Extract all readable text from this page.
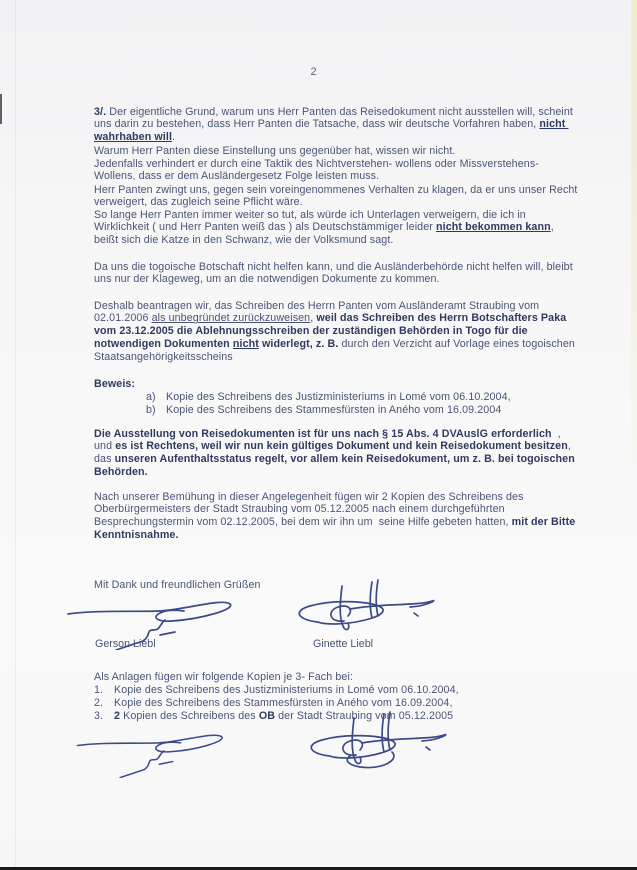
2

3/. Der eigentliche Grund, warum uns Herr Panten das Reisedokument nicht ausstellen will, scheint uns darin zu bestehen, dass Herr Panten die Tatsache, dass wir deutsche Vorfahren haben, nicht wahrhaben will.

Warum Herr Panten diese Einstellung uns gegenüber hat, wissen wir nicht.

Jedenfalls verhindert er durch eine Taktik des Nichtverstehen- wollens oder Missverstehens-Wollens, dass er dem Ausländergesetz Folge leisten muss.

Herr Panten zwingt uns, gegen sein voreingenommenes Verhalten zu klagen, da er uns unser Recht verweigert, das zugleich seine Pflicht wäre.

So lange Herr Panten immer weiter so tut, als würde ich Unterlagen verweigern, die ich in Wirklichkeit ( und Herr Panten weiß das ) als Deutschstämmiger leider nicht bekommen kann, beißt sich die Katze in den Schwanz, wie der Volksmund sagt.

Da uns die togoische Botschaft nicht helfen kann, und die Ausländerbehörde nicht helfen will, bleibt uns nur der Klageweg, um an die notwendigen Dokumente zu kommen.

Deshalb beantragen wir, das Schreiben des Herrn Panten vom Ausländeramt Straubing vom 02.01.2006 als unbegründet zurückzuweisen, weil das Schreiben des Herrn Botschafters Paka vom 23.12.2005 die Ablehnungsschreiben der zuständigen Behörden in Togo für die notwendigen Dokumenten nicht widerlegt, z. B. durch den Verzicht auf Vorlage eines togoischen Staatsangehörigkeitsscheins

Beweis:

a) Kopie des Schreibens des Justizministeriums in Lomé vom 06.10.2004,

b) Kopie des Schreibens des Stammesfürsten in Aného vom 16.09.2004

Die Ausstellung von Reisedokumenten ist für uns nach § 15 Abs. 4 DVAuslG erforderlich  , und es ist Rechtens, weil wir nun kein gültiges Dokument und kein Reisedokument besitzen, das unseren Aufenthaltsstatus regelt, vor allem kein Reisedokument, um z. B. bei togoischen Behörden.

Nach unserer Bemühung in dieser Angelegenheit fügen wir 2 Kopien des Schreibens des Oberbürgermeisters der Stadt Straubing vom 05.12.2005 nach einem durchgeführten Besprechungstermin vom 02.12.2005, bei dem wir ihn um  seine Hilfe gebeten hatten, mit der Bitte Kenntnisnahme.

Mit Dank und freundlichen Grüßen

Gerson Liebl	Ginette Liebl

Als Anlagen fügen wir folgende Kopien je 3- Fach bei:

1. Kopie des Schreibens des Justizministeriums in Lomé vom 06.10.2004,

2. Kopie des Schreibens des Stammesfürsten in Aného vom 16.09.2004,

3. 2 Kopien des Schreibens des OB der Stadt Straubing vom 05.12.2005
